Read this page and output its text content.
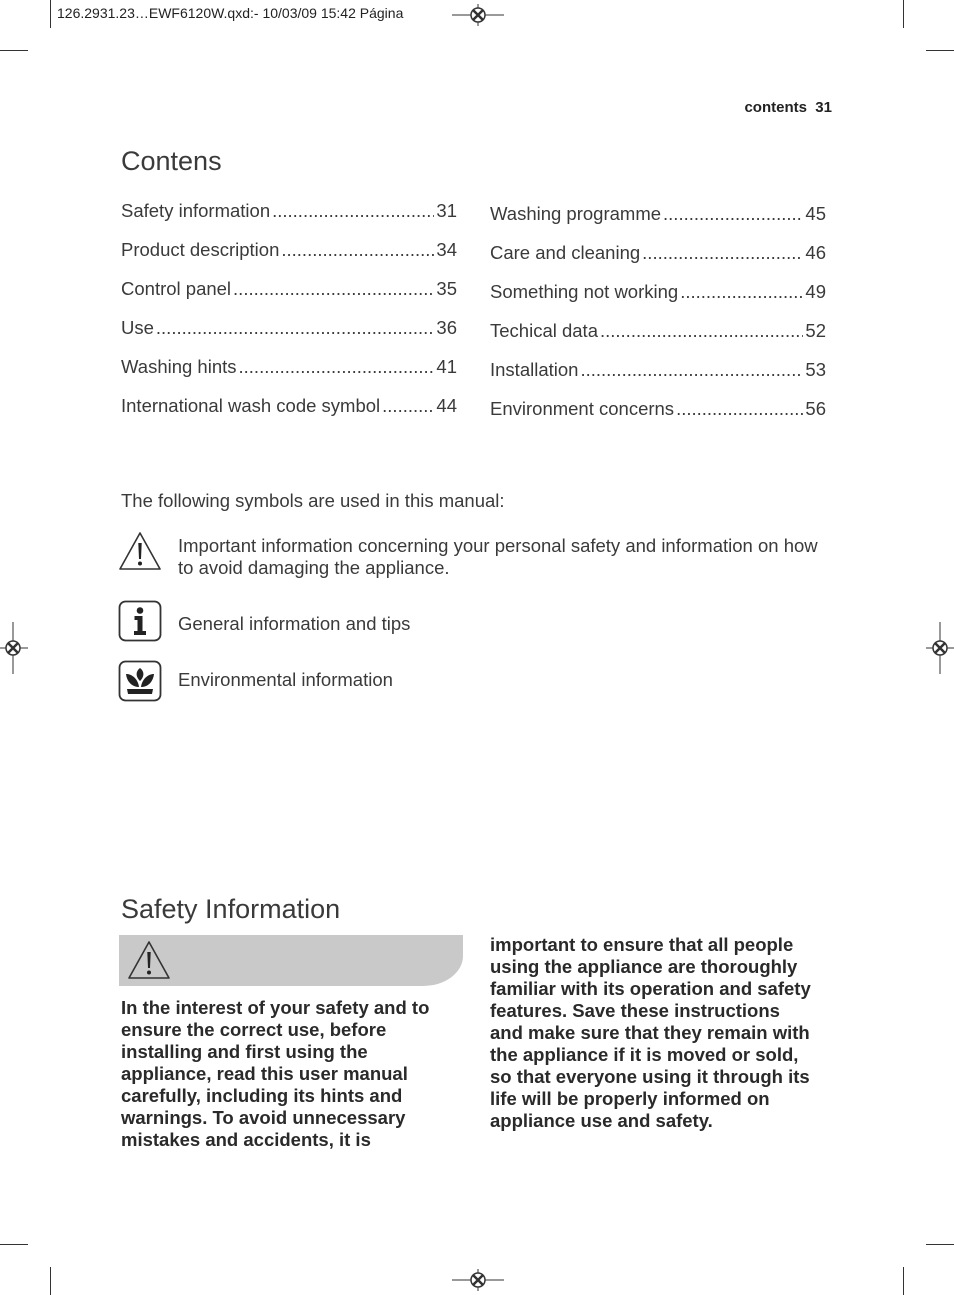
126.2931.23…EWF6120W.qxd:- 10/03/09 15:42 Página
contents  31
Contens
Safety information .....	31
Product description .....	34
Control panel .....	35
Use .....	36
Washing hints .....	41
International wash code symbol .....	44
Washing programme .....	45
Care and cleaning .....	46
Something not working .....	49
Techical data .....	52
Installation .....	53
Environment concerns .....	56
The following symbols are used in this manual:
Important information concerning your personal safety and information on how to avoid damaging the appliance.
General information and tips
Environmental information
Safety Information
In the interest of your safety and to
ensure the correct use, before
installing and first using the
appliance, read this user manual
carefully, including its hints and
warnings. To avoid unnecessary
mistakes and accidents, it is
important to ensure that all people
using the appliance are thoroughly
familiar with its operation and safety
features. Save these instructions
and make sure that they remain with
the appliance if it is moved or sold,
so that everyone using it through its
life will be properly informed on
appliance use and safety.
